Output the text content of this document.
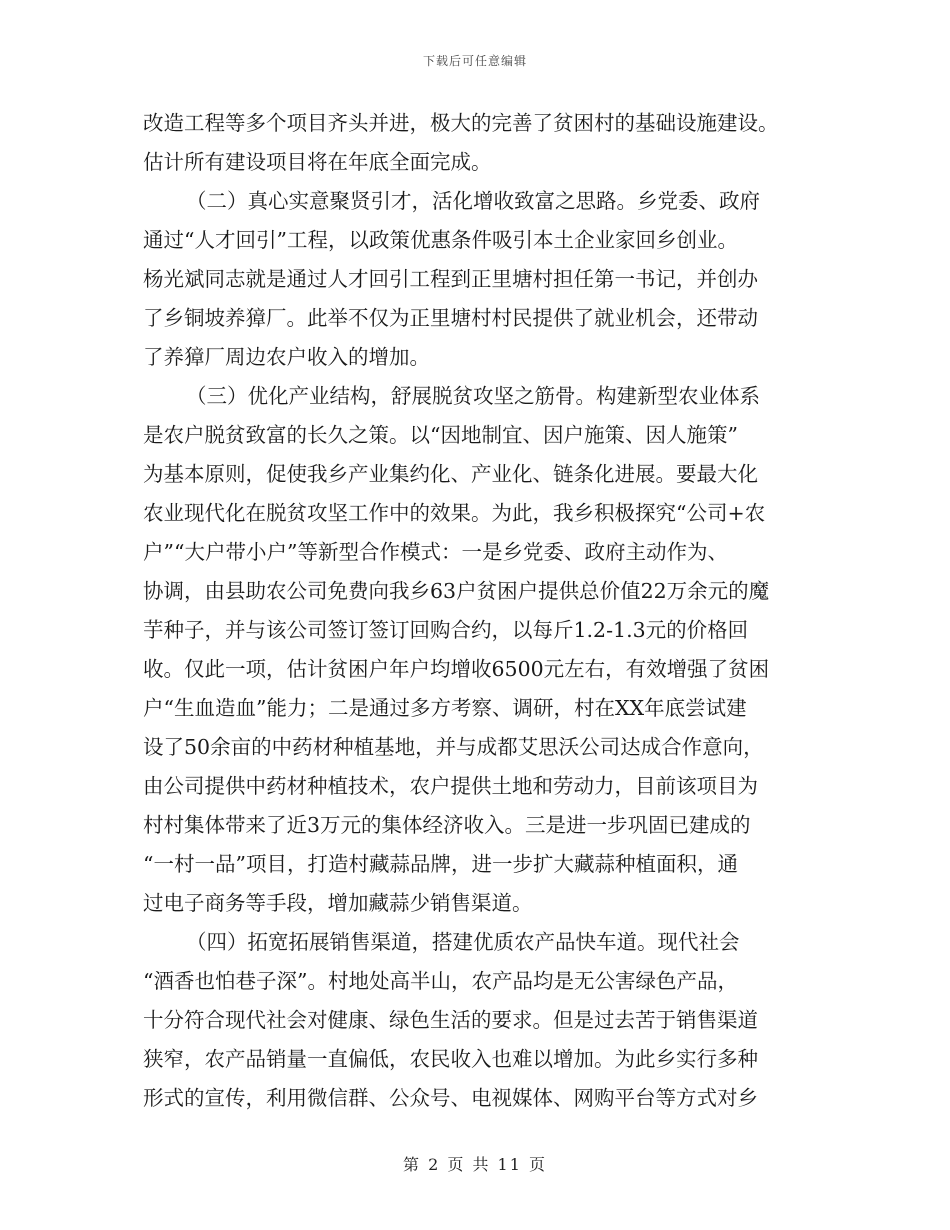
下载后可任意编辑
改造工程等多个项目齐头并进，极大的完善了贫困村的基础设施建设。
估计所有建设项目将在年底全面完成。
（二）真心实意聚贤引才，活化增收致富之思路。乡党委、政府
通过“人才回引”工程，以政策优惠条件吸引本土企业家回乡创业。
杨光斌同志就是通过人才回引工程到正里塘村担任第一书记，并创办
了乡铜坡养獐厂。此举不仅为正里塘村村民提供了就业机会，还带动
了养獐厂周边农户收入的增加。
（三）优化产业结构，舒展脱贫攻坚之筋骨。构建新型农业体系
是农户脱贫致富的长久之策。以“因地制宜、因户施策、因人施策”
为基本原则，促使我乡产业集约化、产业化、链条化进展。要最大化
农业现代化在脱贫攻坚工作中的效果。为此，我乡积极探究“公司+农
户”“大户带小户”等新型合作模式：一是乡党委、政府主动作为、
协调，由县助农公司免费向我乡63户贫困户提供总价值22万余元的魔
芋种子，并与该公司签订签订回购合约，以每斤1.2-1.3元的价格回
收。仅此一项，估计贫困户年户均增收6500元左右，有效增强了贫困
户“生血造血”能力；二是通过多方考察、调研，村在XX年底尝试建
设了50余亩的中药材种植基地，并与成都艾思沃公司达成合作意向，
由公司提供中药材种植技术，农户提供土地和劳动力，目前该项目为
村村集体带来了近3万元的集体经济收入。三是进一步巩固已建成的
“一村一品”项目，打造村藏蒜品牌，进一步扩大藏蒜种植面积，通
过电子商务等手段，增加藏蒜少销售渠道。
（四）拓宽拓展销售渠道，搭建优质农产品快车道。现代社会
“酒香也怕巷子深”。村地处高半山，农产品均是无公害绿色产品，
十分符合现代社会对健康、绿色生活的要求。但是过去苦于销售渠道
狭窄，农产品销量一直偏低，农民收入也难以增加。为此乡实行多种
形式的宣传，利用微信群、公众号、电视媒体、网购平台等方式对乡
第 2 页 共 11 页
